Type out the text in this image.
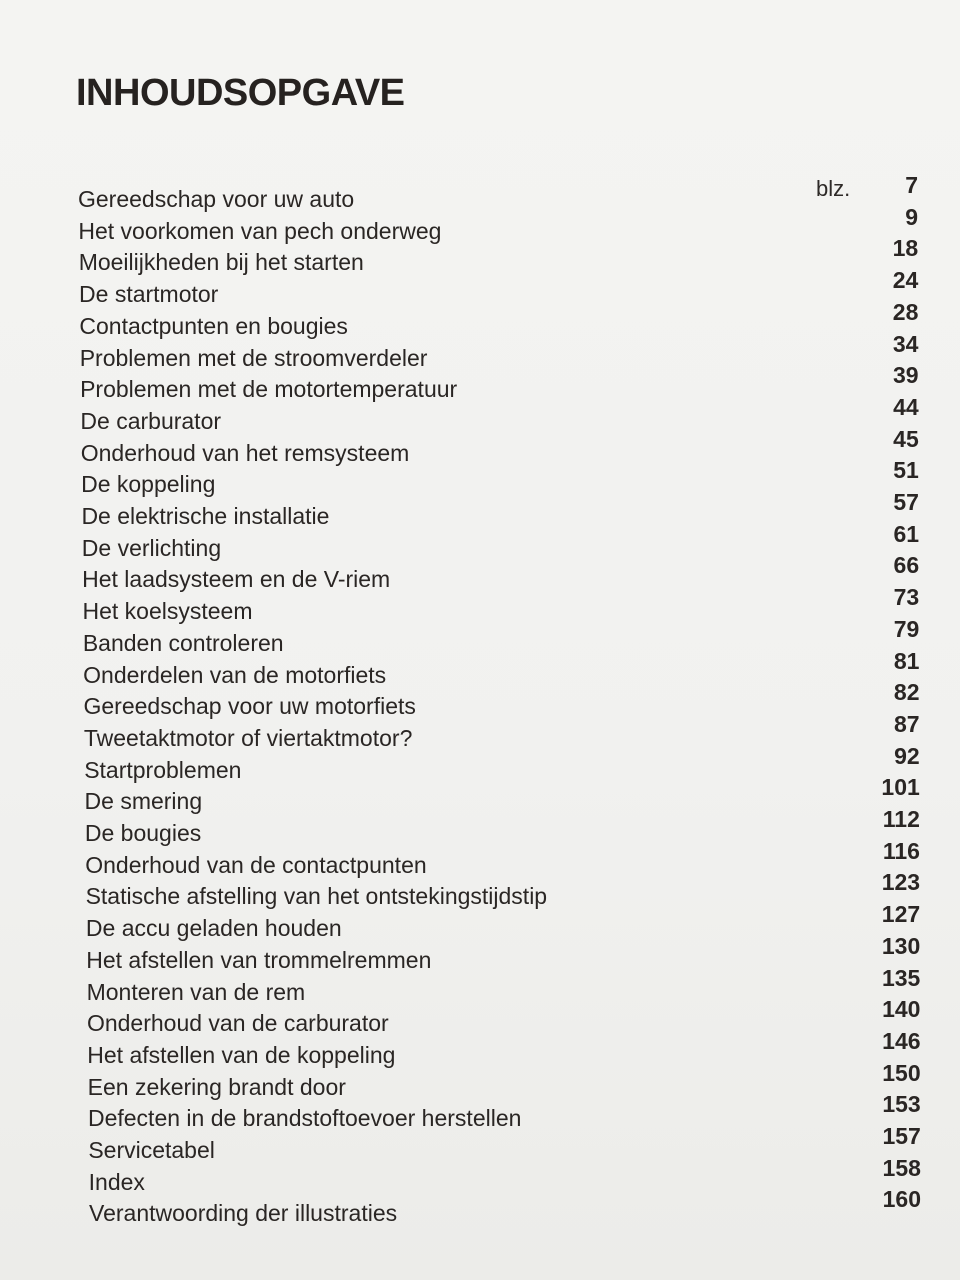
INHOUDSOPGAVE
blz.
Gereedschap voor uw auto
7
Het voorkomen van pech onderweg
9
Moeilijkheden bij het starten
18
De startmotor
24
Contactpunten en bougies
28
Problemen met de stroomverdeler
34
Problemen met de motortemperatuur
39
De carburator
44
Onderhoud van het remsysteem
45
De koppeling
51
De elektrische installatie
57
De verlichting
61
Het laadsysteem en de V-riem
66
Het koelsysteem
73
Banden controleren
79
Onderdelen van de motorfiets
81
Gereedschap voor uw motorfiets
82
Tweetaktmotor of viertaktmotor?
87
Startproblemen
92
De smering
101
De bougies
112
Onderhoud van de contactpunten
116
Statische afstelling van het ontstekingstijdstip
123
De accu geladen houden
127
Het afstellen van trommelremmen
130
Monteren van de rem
135
Onderhoud van de carburator
140
Het afstellen van de koppeling
146
Een zekering brandt door
150
Defecten in de brandstoftoevoer herstellen
153
Servicetabel
157
Index
158
Verantwoording der illustraties
160
